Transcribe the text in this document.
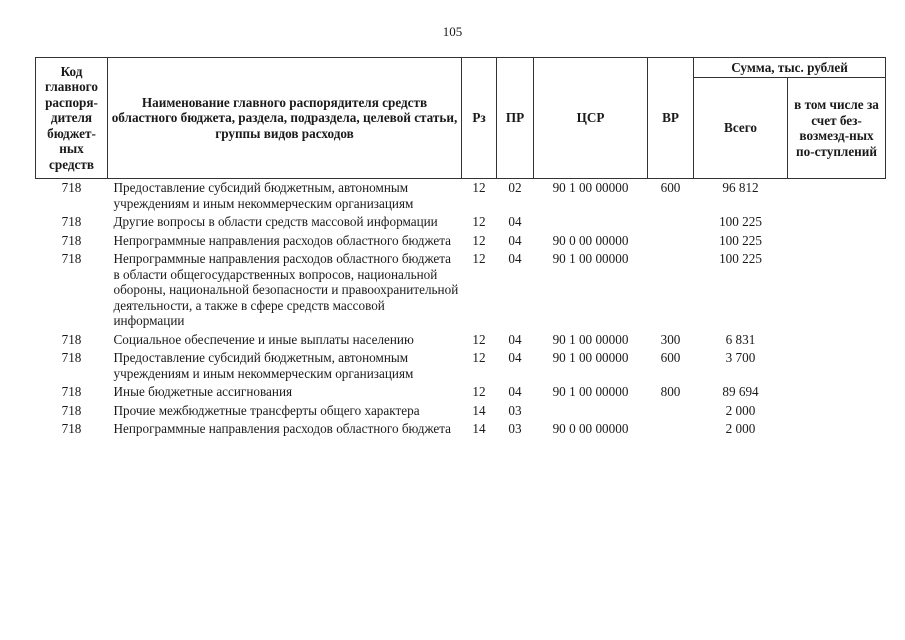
105
Код главного распоря-дителя бюджет-ных средств	Наименование главного распорядителя средств областного бюджета, раздела, подраздела, целевой статьи, группы видов расходов	Рз	ПР	ЦСР	ВР	Сумма, тыс. рублей	
						Всего	в том числе за счет без-возмезд-ных по-ступлений
718	Предоставление субсидий бюджетным, автономным учреждениям и иным некоммерческим организациям	12	02	90 1 00 00000	600	96 812	
718	Другие вопросы в области средств массовой информации	12	04			100 225	
718	Непрограммные направления расходов областного бюджета	12	04	90 0 00 00000		100 225	
718	Непрограммные направления расходов областного бюджета в области общегосударственных вопросов, национальной обороны, национальной безопасности и правоохранительной деятельности, а также в сфере средств массовой информации	12	04	90 1 00 00000		100 225	
718	Социальное обеспечение и иные выплаты населению	12	04	90 1 00 00000	300	6 831	
718	Предоставление субсидий бюджетным, автономным учреждениям и иным некоммерческим организациям	12	04	90 1 00 00000	600	3 700	
718	Иные бюджетные ассигнования	12	04	90 1 00 00000	800	89 694	
718	Прочие межбюджетные трансферты общего характера	14	03			2 000	
718	Непрограммные направления расходов областного бюджета	14	03	90 0 00 00000		2 000	
